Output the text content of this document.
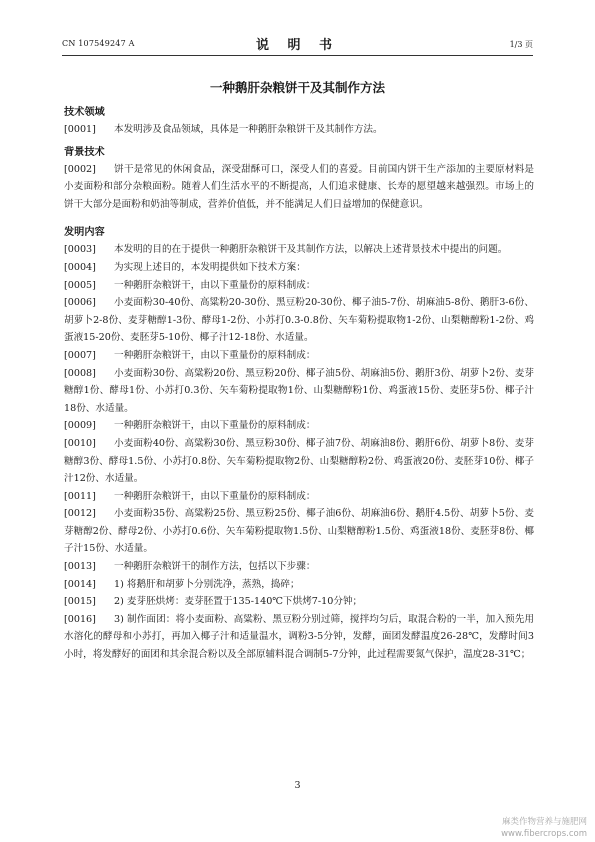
CN 107549247 A	说 明 书	1/3 页
一种鹅肝杂粮饼干及其制作方法
技术领域
[0001] 本发明涉及食品领域，具体是一种鹅肝杂粮饼干及其制作方法。
背景技术
[0002] 饼干是常见的休闲食品，深受甜酥可口，深受人们的喜爱。目前国内饼干生产添加的主要原材料是小麦面粉和部分杂粮面粉。随着人们生活水平的不断提高，人们追求健康、长寿的愿望越来越强烈。市场上的饼干大部分是面粉和奶油等制成，营养价值低，并不能满足人们日益增加的保健意识。
发明内容
[0003] 本发明的目的在于提供一种鹅肝杂粮饼干及其制作方法，以解决上述背景技术中提出的问题。
[0004] 为实现上述目的，本发明提供如下技术方案：
[0005] 一种鹅肝杂粮饼干，由以下重量份的原料制成：
[0006] 小麦面粉30-40份、高粱粉20-30份、黑豆粉20-30份、椰子油5-7份、胡麻油5-8份、鹅肝3-6份、胡萝卜2-8份、麦芽糖醇1-3份、酵母1-2份、小苏打0.3-0.8份、矢车菊粉提取物1-2份、山梨糖醇粉1-2份、鸡蛋液15-20份、麦胚芽5-10份、椰子汁12-18份、水适量。
[0007] 一种鹅肝杂粮饼干，由以下重量份的原料制成：
[0008] 小麦面粉30份、高粱粉20份、黑豆粉20份、椰子油5份、胡麻油5份、鹅肝3份、胡萝卜2份、麦芽糖醇1份、酵母1份、小苏打0.3份、矢车菊粉提取物1份、山梨糖醇粉1份、鸡蛋液15份、麦胚芽5份、椰子汁18份、水适量。
[0009] 一种鹅肝杂粮饼干，由以下重量份的原料制成：
[0010] 小麦面粉40份、高粱粉30份、黑豆粉30份、椰子油7份、胡麻油8份、鹅肝6份、胡萝卜8份、麦芽糖醇3份、酵母1.5份、小苏打0.8份、矢车菊粉提取物2份、山梨糖醇粉2份、鸡蛋液20份、麦胚芽10份、椰子汁12份、水适量。
[0011] 一种鹅肝杂粮饼干，由以下重量份的原料制成：
[0012] 小麦面粉35份、高粱粉25份、黑豆粉25份、椰子油6份、胡麻油6份、鹅肝4.5份、胡萝卜5份、麦芽糖醇2份、酵母2份、小苏打0.6份、矢车菊粉提取物1.5份、山梨糖醇粉1.5份、鸡蛋液18份、麦胚芽8份、椰子汁15份、水适量。
[0013] 一种鹅肝杂粮饼干的制作方法，包括以下步骤：
[0014] 1) 将鹅肝和胡萝卜分别洗净，蒸熟，捣碎；
[0015] 2) 麦芽胚烘烤：麦芽胚置于135-140℃下烘烤7-10分钟；
[0016] 3) 制作面团：将小麦面粉、高粱粉、黑豆粉分别过筛，搅拌均匀后，取混合粉的一半，加入预先用水溶化的酵母和小苏打，再加入椰子汁和适量温水，调粉3-5分钟，发酵，面团发酵温度26-28℃，发酵时间3小时，将发酵好的面团和其余混合粉以及全部原辅料混合调制5-7分钟，此过程需要氮气保护，温度28-31℃；
3
麻类作物营养与施肥网
www.fibercrops.com
